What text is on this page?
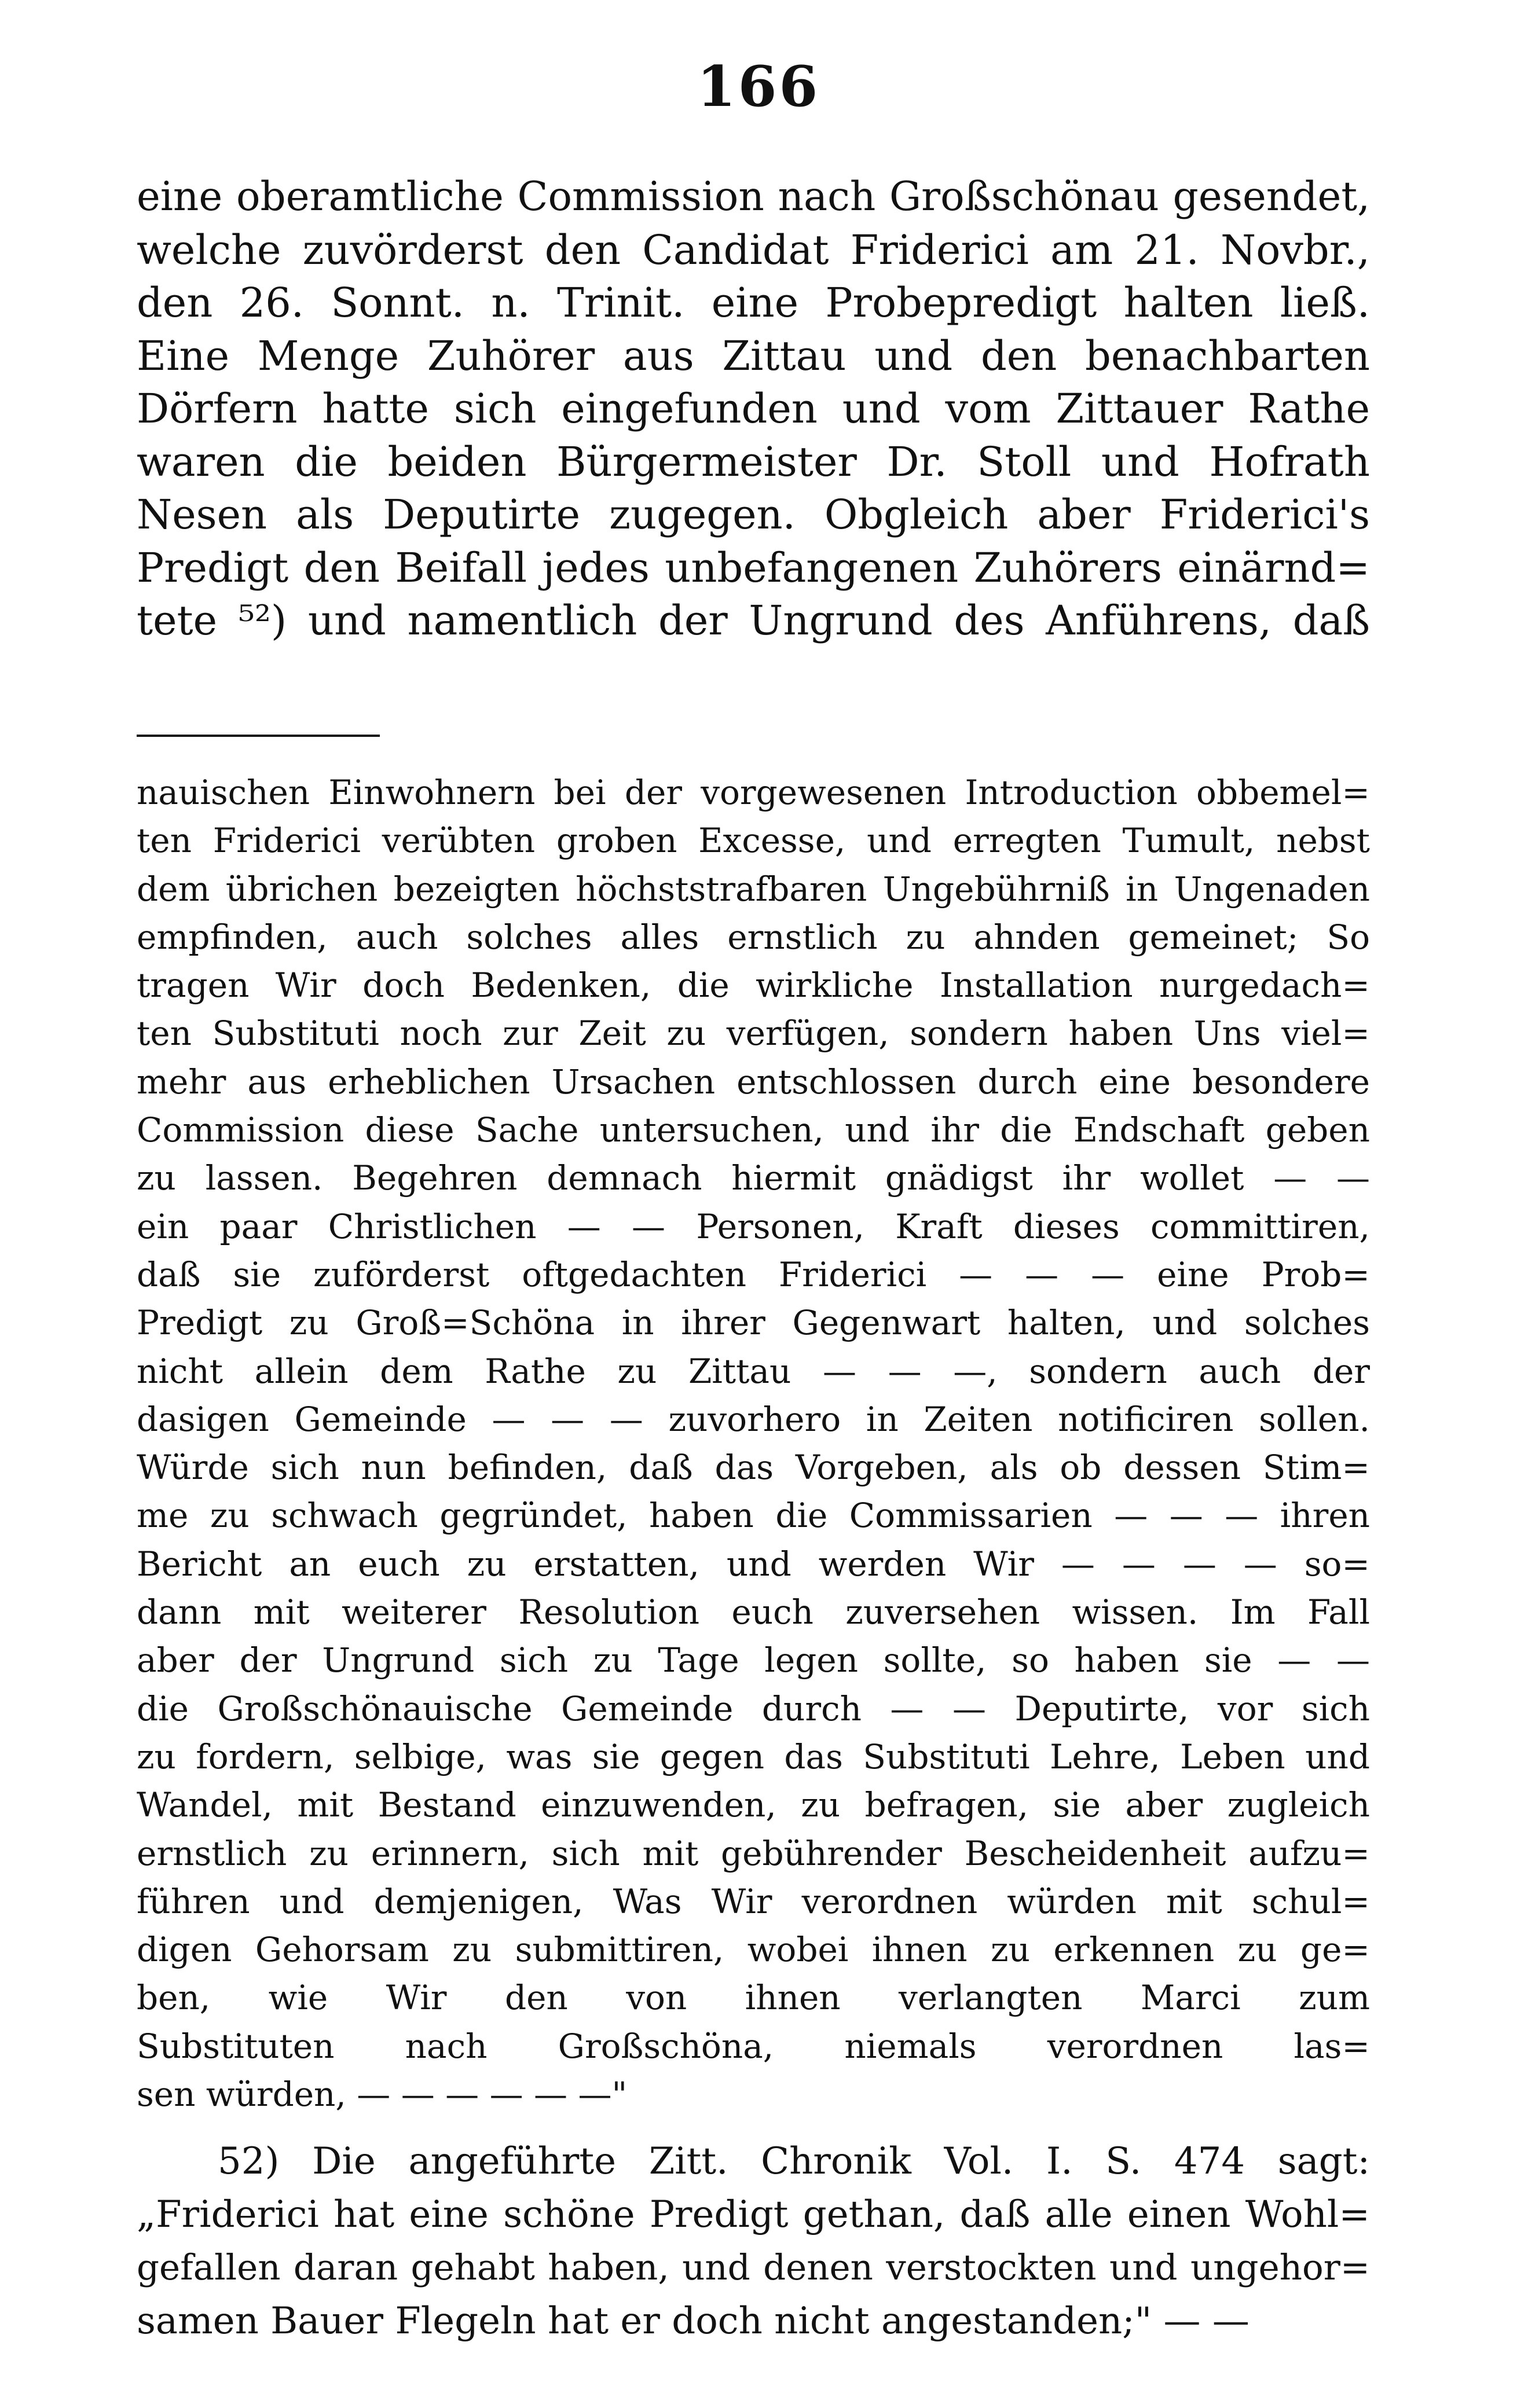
166
eine oberamtliche Commission nach Großschönau gesendet,
welche zuvörderst den Candidat Friderici am 21. Novbr.,
den 26. Sonnt. n. Trinit. eine Probepredigt halten ließ.
Eine Menge Zuhörer aus Zittau und den benachbarten
Dörfern hatte sich eingefunden und vom Zittauer Rathe
waren die beiden Bürgermeister Dr. Stoll und Hofrath
Nesen als Deputirte zugegen. Obgleich aber Friderici's
Predigt den Beifall jedes unbefangenen Zuhörers einärnd=
tete ⁵²) und namentlich der Ungrund des Anführens, daß
nauischen Einwohnern bei der vorgewesenen Introduction obbemel=
ten Friderici verübten groben Excesse, und erregten Tumult, nebst
dem übrichen bezeigten höchststrafbaren Ungebührniß in Ungenaden
empfinden, auch solches alles ernstlich zu ahnden gemeinet; So
tragen Wir doch Bedenken, die wirkliche Installation nurgedach=
ten Substituti noch zur Zeit zu verfügen, sondern haben Uns viel=
mehr aus erheblichen Ursachen entschlossen durch eine besondere
Commission diese Sache untersuchen, und ihr die Endschaft geben
zu lassen. Begehren demnach hiermit gnädigst ihr wollet — —
ein paar Christlichen — — Personen, Kraft dieses committiren,
daß sie zuförderst oftgedachten Friderici — — — eine Prob=
Predigt zu Groß=Schöna in ihrer Gegenwart halten, und solches
nicht allein dem Rathe zu Zittau — — —, sondern auch der
dasigen Gemeinde — — — zuvorhero in Zeiten notificiren sollen.
Würde sich nun befinden, daß das Vorgeben, als ob dessen Stim=
me zu schwach gegründet, haben die Commissarien — — — ihren
Bericht an euch zu erstatten, und werden Wir — — — — so=
dann mit weiterer Resolution euch zuversehen wissen. Im Fall
aber der Ungrund sich zu Tage legen sollte, so haben sie — —
die Großschönauische Gemeinde durch — — Deputirte, vor sich
zu fordern, selbige, was sie gegen das Substituti Lehre, Leben und
Wandel, mit Bestand einzuwenden, zu befragen, sie aber zugleich
ernstlich zu erinnern, sich mit gebührender Bescheidenheit aufzu=
führen und demjenigen, Was Wir verordnen würden mit schul=
digen Gehorsam zu submittiren, wobei ihnen zu erkennen zu ge=
ben, wie Wir den von ihnen verlangten Marci zum
Substituten nach Großschöna, niemals verordnen las=
sen würden, — — — — — —"
52) Die angeführte Zitt. Chronik Vol. I. S. 474 sagt:
„Friderici hat eine schöne Predigt gethan, daß alle einen Wohl=
gefallen daran gehabt haben, und denen verstockten und ungehor=
samen Bauer Flegeln hat er doch nicht angestanden;" — —
